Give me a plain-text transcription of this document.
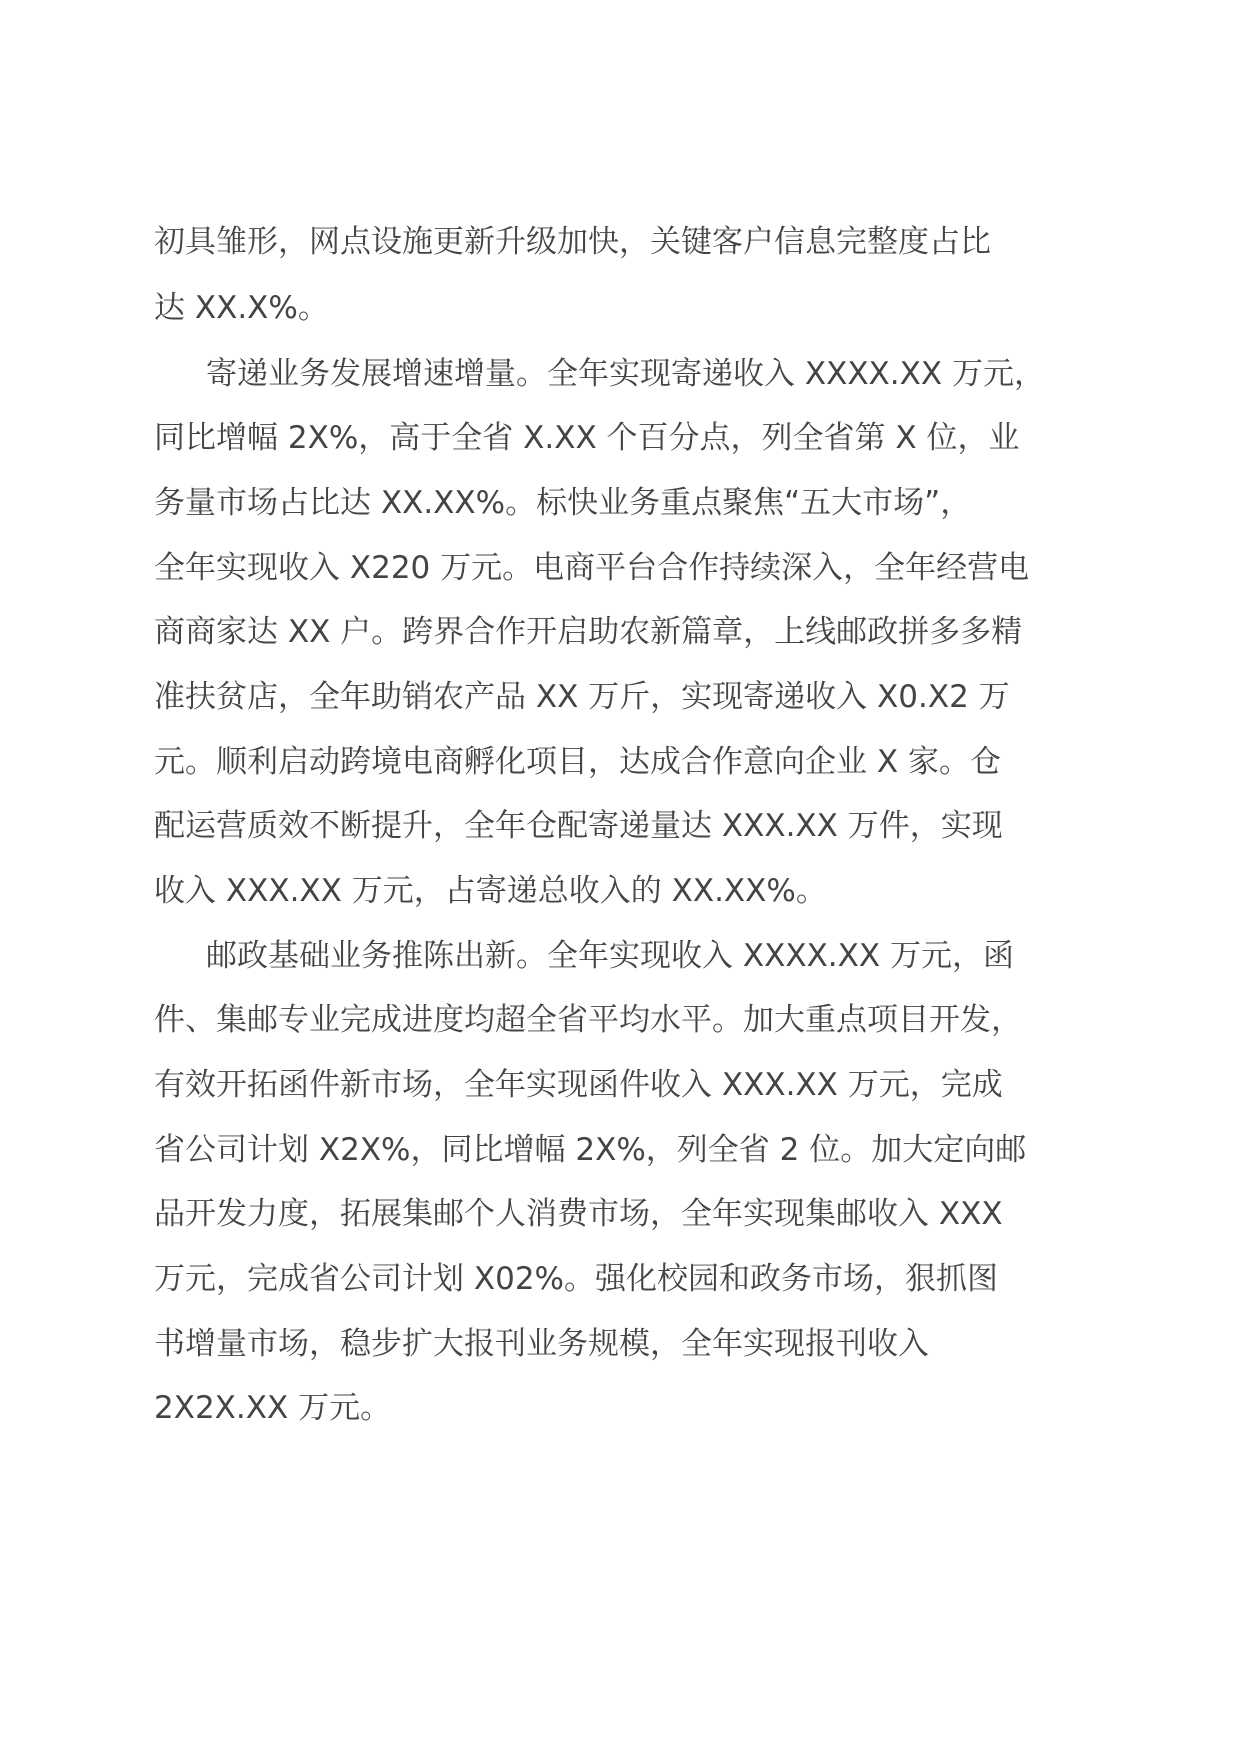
初具雏形，网点设施更新升级加快，关键客户信息完整度占比

达 XX.X%。

寄递业务发展增速增量。全年实现寄递收入 XXXX.XX 万元，

同比增幅 2X%，高于全省 X.XX 个百分点，列全省第 X 位，业

务量市场占比达 XX.XX%。标快业务重点聚焦“五大市场”，

全年实现收入 X220 万元。电商平台合作持续深入，全年经营电

商商家达 XX 户。跨界合作开启助农新篇章，上线邮政拼多多精

准扶贫店，全年助销农产品 XX 万斤，实现寄递收入 X0.X2 万

元。顺利启动跨境电商孵化项目，达成合作意向企业 X 家。仓

配运营质效不断提升，全年仓配寄递量达 XXX.XX 万件，实现

收入 XXX.XX 万元，占寄递总收入的 XX.XX%。

邮政基础业务推陈出新。全年实现收入 XXXX.XX 万元，函

件、集邮专业完成进度均超全省平均水平。加大重点项目开发，

有效开拓函件新市场，全年实现函件收入 XXX.XX 万元，完成

省公司计划 X2X%，同比增幅 2X%，列全省 2 位。加大定向邮

品开发力度，拓展集邮个人消费市场，全年实现集邮收入 XXX

万元，完成省公司计划 X02%。强化校园和政务市场，狠抓图

书增量市场，稳步扩大报刊业务规模，全年实现报刊收入

2X2X.XX 万元。
